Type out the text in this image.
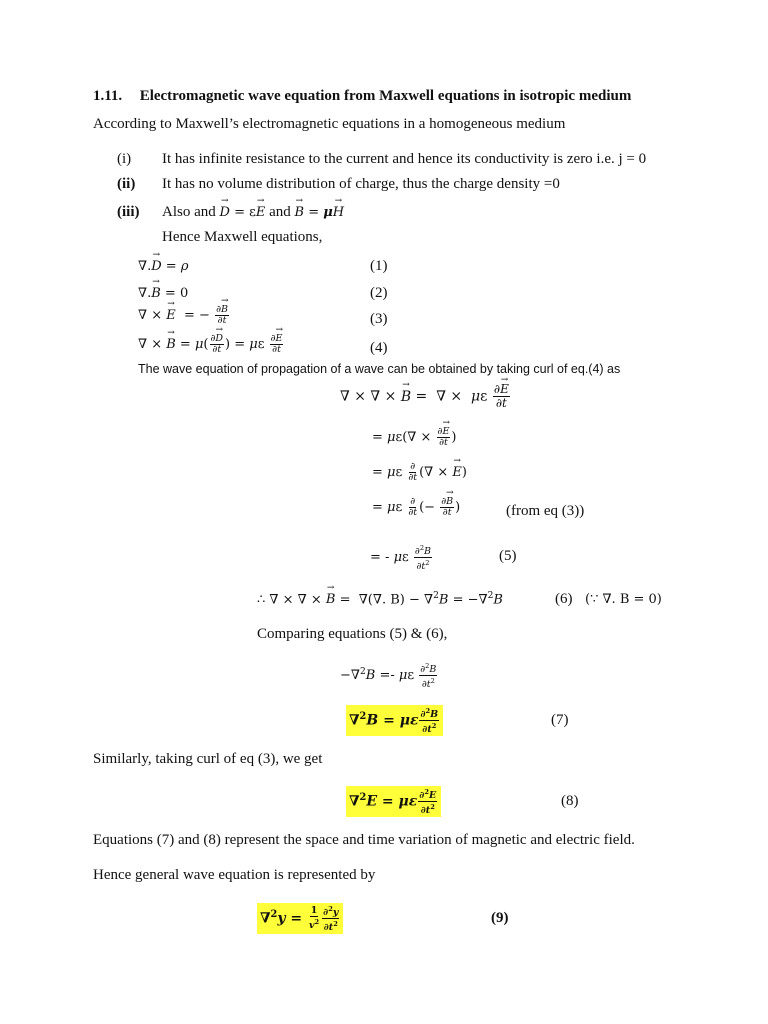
1.11. Electromagnetic wave equation from Maxwell equations in isotropic medium
According to Maxwell’s electromagnetic equations in a homogeneous medium
(i) It has infinite resistance to the current and hence its conductivity is zero i.e. j = 0
(ii) It has no volume distribution of charge, thus the charge density =0
(iii) Also and → D = ε→ E and → B = μ→ H
Hence Maxwell equations,
∇.→ D = ρ	(1)
∇.→ B = 0	(2)
∇ × → E  = − $\frac{\partial\to B}{\partial t}$	(3)
∇ × → $B = \mu( \frac{\partial\to D}{\partial t}$ ) = με $\frac{\partial\to E}{\partial t}$	(4)
The wave equation of propagation of a wave can be obtained by taking curl of eq.(4) as
∇ × ∇ × → B =  ∇ ×  με $\frac{\partial\to E}{\partial t}$
= $\mu\varepsilon(\nabla \times \frac{\partial\to E}{\partial t}$ )
= με $\frac{\partial}{\partial t}$ (∇ × → E)
= με $\frac{\partial}{\partial t}$ (− $\frac{\partial\to B}{\partial t}$ )	(from eq (3))
= - με $\frac{\partial^2B}{\partial t^2}$	(5)
∴ ∇ × ∇ × → B =  ∇(∇. B) − ∇$^2$B = −∇$^2$B	(6) (∵ ∇. B = 0)
Comparing equations (5) & (6),
−∇$^2$B =- με $\frac{\partial^2B}{\partial t^2}$
∇$^2$B = με $\frac{\partial^2B}{\partial t^2}$	(7)
Similarly, taking curl of eq (3), we get
∇$^2$E = με $\frac{\partial^2E}{\partial t^2}$	(8)
Equations (7) and (8) represent the space and time variation of magnetic and electric field.
Hence general wave equation is represented by
$\nabla^2y = \frac{1}{v^2} \frac{\partial^2y}{\partial t^2}$	(9)
